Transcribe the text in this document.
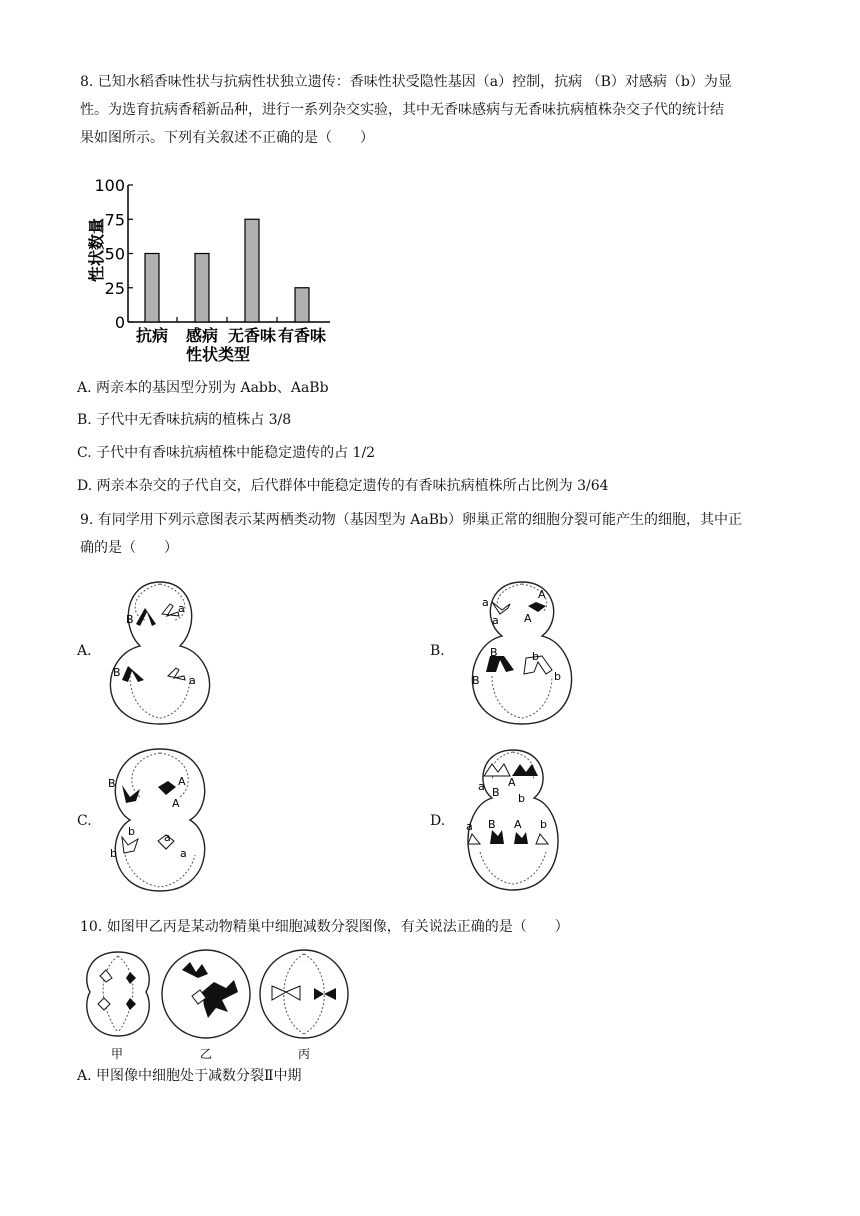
8. 已知水稻香味性状与抗病性状独立遗传：香味性状受隐性基因（a）控制，抗病 （B）对感病（b）为显
性。为选育抗病香稻新品种，进行一系列杂交实验，其中无香味感病与无香味抗病植株杂交子代的统计结
果如图所示。下列有关叙述不正确的是（　　）
性状数量
0
25
50
75
100
抗病 感病 无香味 有香味
性状类型
A. 两亲本的基因型分别为 Aabb、AaBb
B. 子代中无香味抗病的植株占 3/8
C. 子代中有香味抗病植株中能稳定遗传的占 1/2
D. 两亲本杂交的子代自交，后代群体中能稳定遗传的有香味抗病植株所占比例为 3/64
9. 有同学用下列示意图表示某两栖类动物（基因型为 AaBb）卵巢正常的细胞分裂可能产生的细胞，其中正
确的是（　　）
A.	B.
C.	D.
B
a
B
a
a
a
A
A
B
B
b
b
B	A
A
b
b
a
a
a B
A
b
a B A b
10. 如图甲乙丙是某动物精巢中细胞减数分裂图像，有关说法正确的是（　　）
甲	乙	丙
A. 甲图像中细胞处于减数分裂Ⅱ中期
